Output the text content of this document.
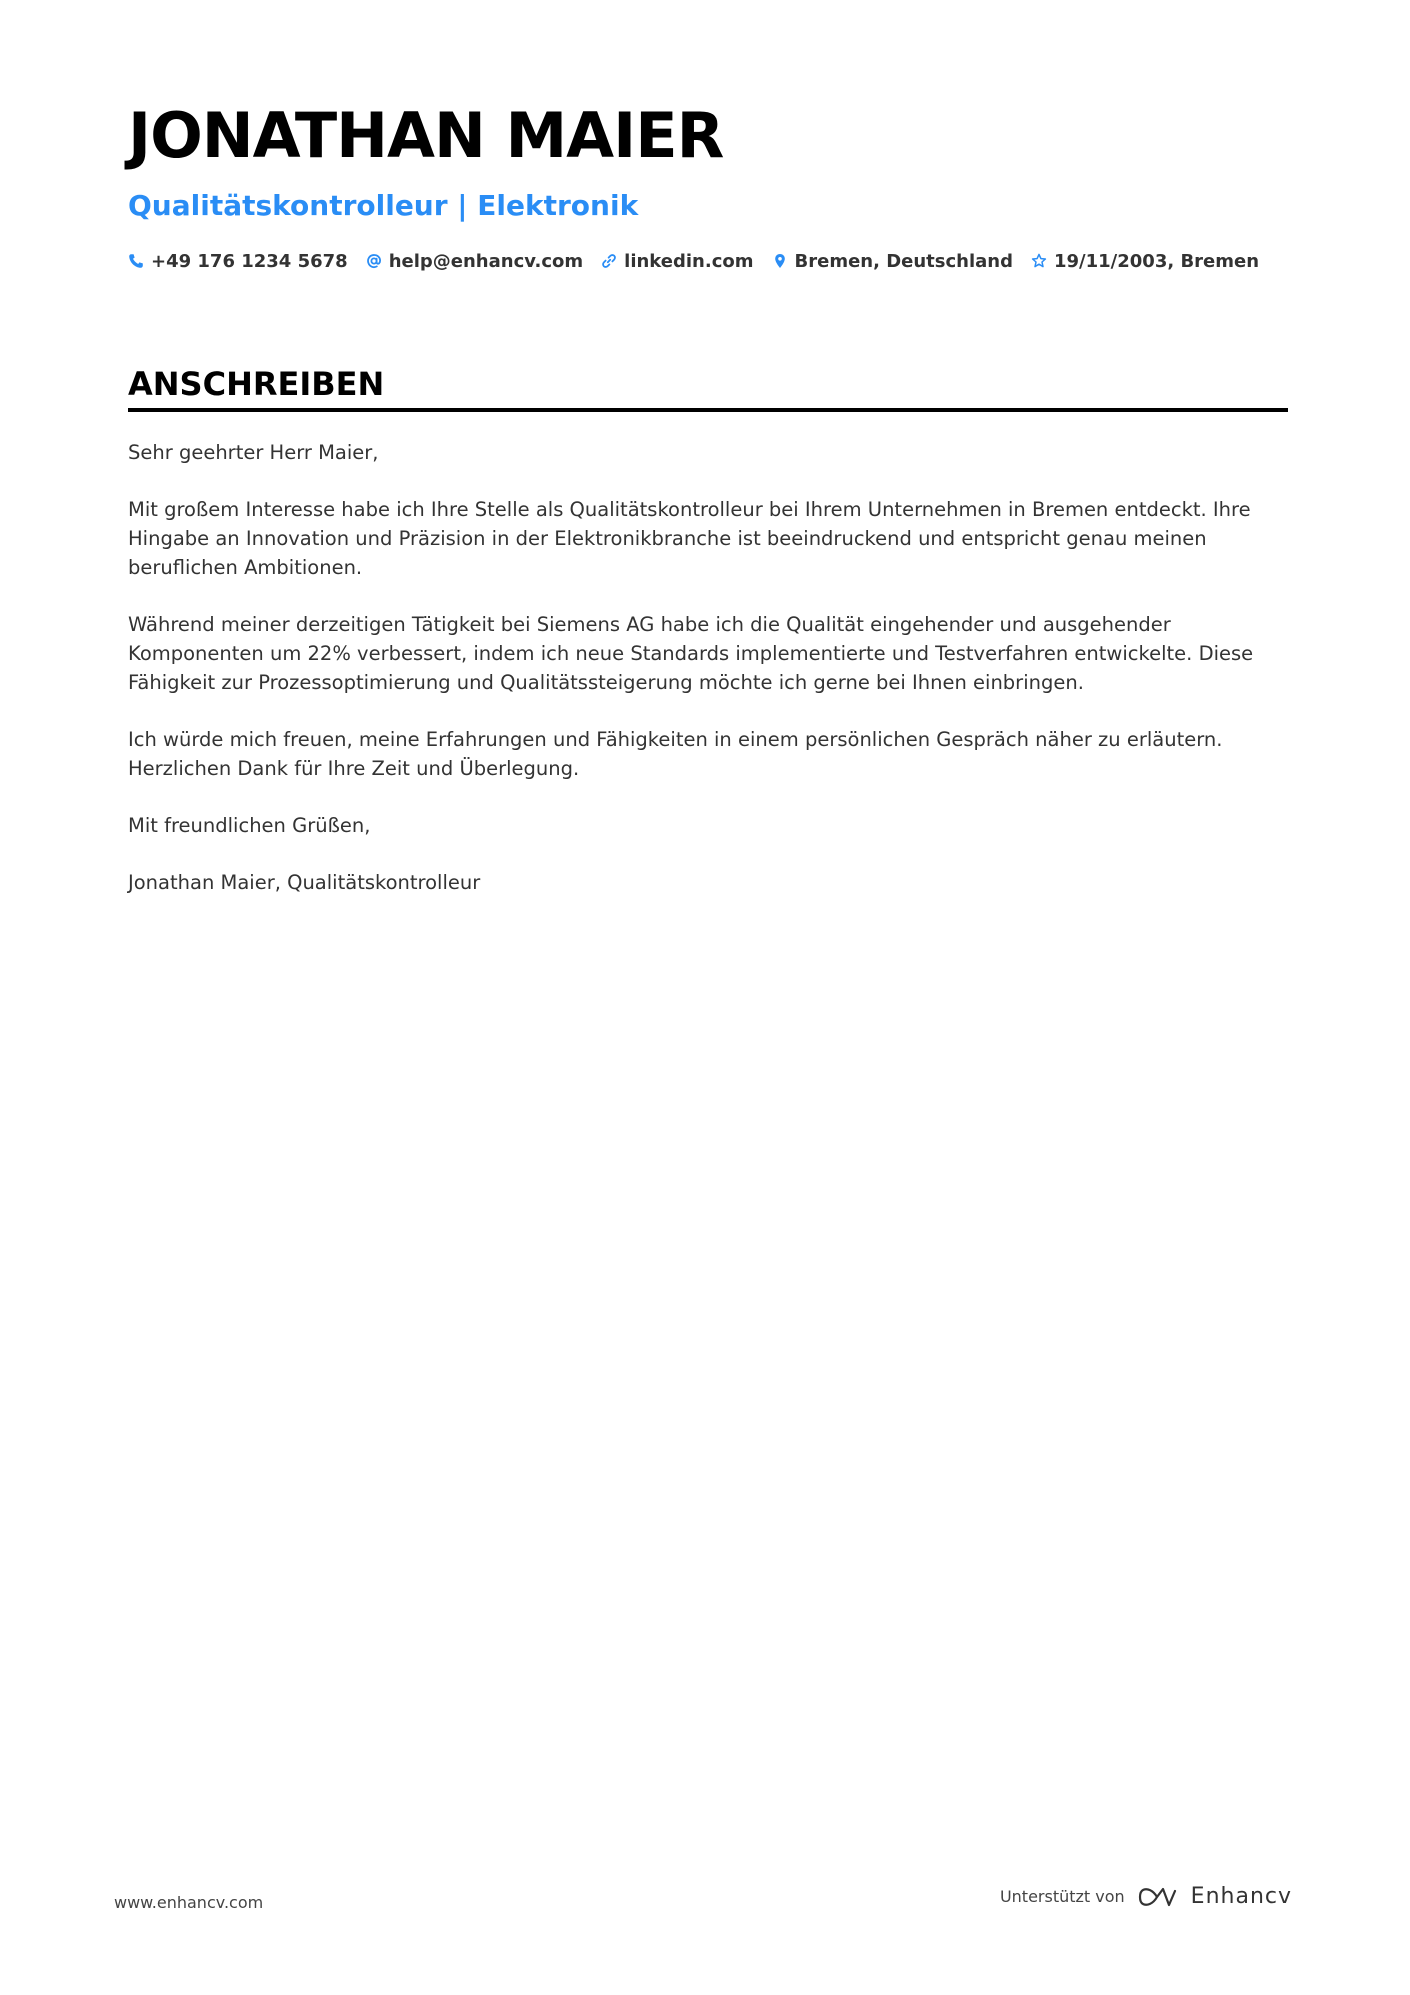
JONATHAN MAIER
Qualitätskontrolleur | Elektronik
+49 176 1234 5678 help@enhancv.com linkedin.com Bremen, Deutschland 19/11/2003, Bremen
ANSCHREIBEN

Sehr geehrter Herr Maier,

Mit großem Interesse habe ich Ihre Stelle als Qualitätskontrolleur bei Ihrem Unternehmen in Bremen entdeckt. Ihre Hingabe an Innovation und Präzision in der Elektronikbranche ist beeindruckend und entspricht genau meinen beruflichen Ambitionen.

Während meiner derzeitigen Tätigkeit bei Siemens AG habe ich die Qualität eingehender und ausgehender Komponenten um 22% verbessert, indem ich neue Standards implementierte und Testverfahren entwickelte. Diese Fähigkeit zur Prozessoptimierung und Qualitätssteigerung möchte ich gerne bei Ihnen einbringen.

Ich würde mich freuen, meine Erfahrungen und Fähigkeiten in einem persönlichen Gespräch näher zu erläutern. Herzlichen Dank für Ihre Zeit und Überlegung.

Mit freundlichen Grüßen,

Jonathan Maier, Qualitätskontrolleur

www.enhancv.com	Unterstützt von	Enhancv
